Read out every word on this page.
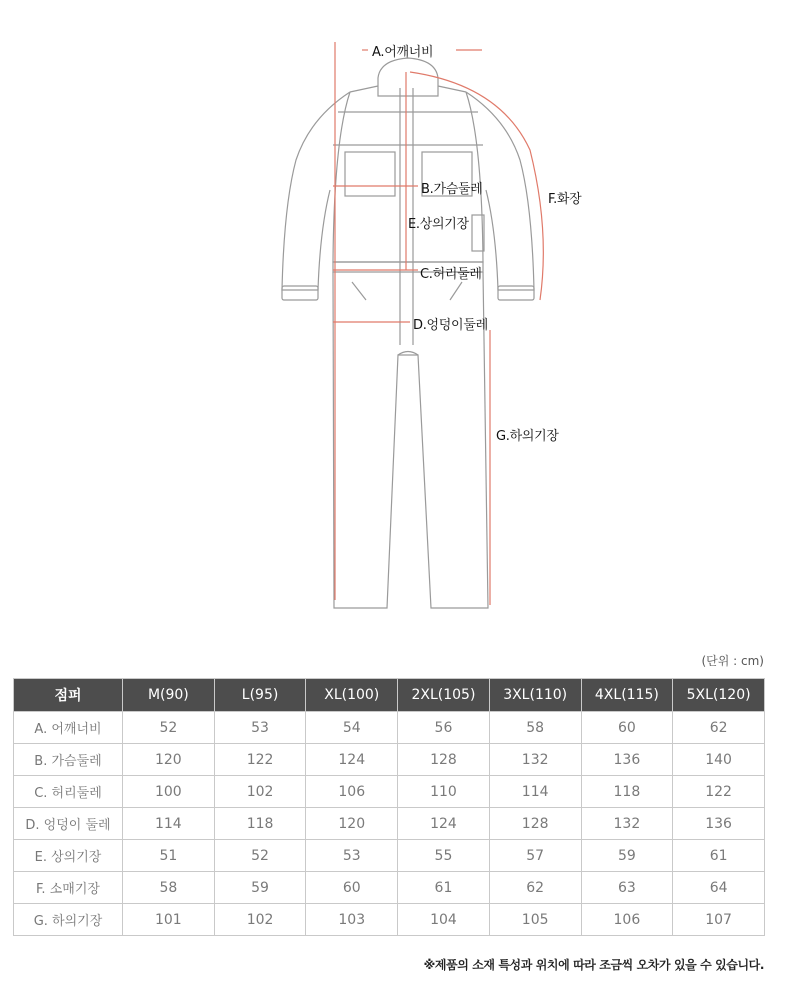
A.어깨너비
B.가슴둘레
E.상의기장
C.허리둘레
D.엉덩이둘레
F.화장
G.하의기장
(단위 : cm)
점퍼	M(90)	L(95)	XL(100)	2XL(105)	3XL(110)	4XL(115)	5XL(120)
A. 어깨너비	52	53	54	56	58	60	62
B. 가슴둘레	120	122	124	128	132	136	140
C. 허리둘레	100	102	106	110	114	118	122
D. 엉덩이 둘레	114	118	120	124	128	132	136
E. 상의기장	51	52	53	55	57	59	61
F. 소매기장	58	59	60	61	62	63	64
G. 하의기장	101	102	103	104	105	106	107
※제품의 소재 특성과 위치에 따라 조금씩 오차가 있을 수 있습니다.
